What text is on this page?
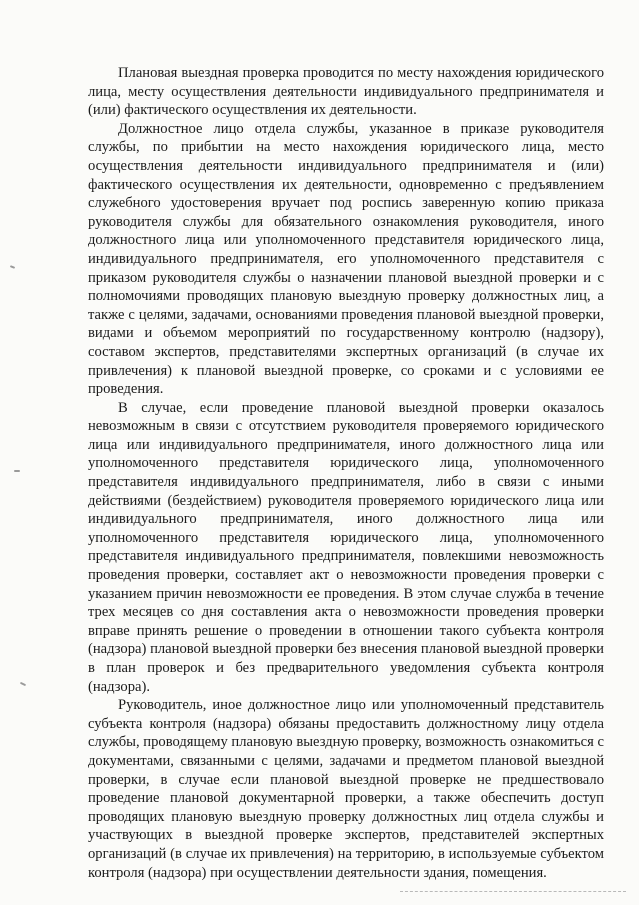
Плановая выездная проверка проводится по месту нахождения юридического лица, месту осуществления деятельности индивидуального предпринимателя и (или) фактического осуществления их деятельности.

Должностное лицо отдела службы, указанное в приказе руководителя службы, по прибытии на место нахождения юридического лица, место осуществления деятельности индивидуального предпринимателя и (или) фактического осуществления их деятельности, одновременно с предъявлением служебного удостоверения вручает под роспись заверенную копию приказа руководителя службы для обязательного ознакомления руководителя, иного должностного лица или уполномоченного представителя юридического лица, индивидуального предпринимателя, его уполномоченного представителя с приказом руководителя службы о назначении плановой выездной проверки и с полномочиями проводящих плановую выездную проверку должностных лиц, а также с целями, задачами, основаниями проведения плановой выездной проверки, видами и объемом мероприятий по государственному контролю (надзору), составом экспертов, представителями экспертных организаций (в случае их привлечения) к плановой выездной проверке, со сроками и с условиями ее проведения.

В случае, если проведение плановой выездной проверки оказалось невозможным в связи с отсутствием руководителя проверяемого юридического лица или индивидуального предпринимателя, иного должностного лица или уполномоченного представителя юридического лица, уполномоченного представителя индивидуального предпринимателя, либо в связи с иными действиями (бездействием) руководителя проверяемого юридического лица или индивидуального предпринимателя, иного должностного лица или уполномоченного представителя юридического лица, уполномоченного представителя индивидуального предпринимателя, повлекшими невозможность проведения проверки, составляет акт о невозможности проведения проверки с указанием причин невозможности ее проведения. В этом случае служба в течение трех месяцев со дня составления акта о невозможности проведения проверки вправе принять решение о проведении в отношении такого субъекта контроля (надзора) плановой выездной проверки без внесения плановой выездной проверки в план проверок и без предварительного уведомления субъекта контроля (надзора).

Руководитель, иное должностное лицо или уполномоченный представитель субъекта контроля (надзора) обязаны предоставить должностному лицу отдела службы, проводящему плановую выездную проверку, возможность ознакомиться с документами, связанными с целями, задачами и предметом плановой выездной проверки, в случае если плановой выездной проверке не предшествовало проведение плановой документарной проверки, а также обеспечить доступ проводящих плановую выездную проверку должностных лиц отдела службы и участвующих в выездной проверке экспертов, представителей экспертных организаций (в случае их привлечения) на территорию, в используемые субъектом контроля (надзора) при осуществлении деятельности здания, помещения.
